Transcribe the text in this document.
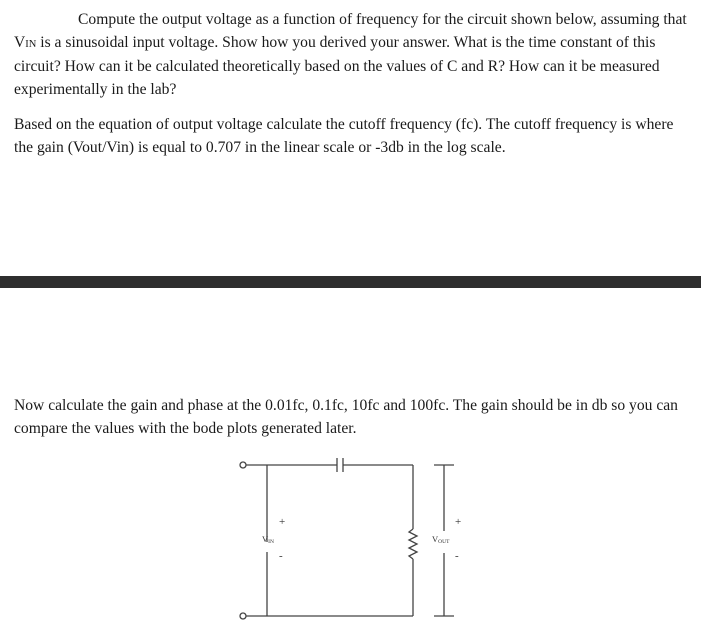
Compute the output voltage as a function of frequency for the circuit shown below, assuming that VIN is a sinusoidal input voltage. Show how you derived your answer. What is the time constant of this circuit? How can it be calculated theoretically based on the values of C and R? How can it be measured experimentally in the lab?

Based on the equation of output voltage calculate the cutoff frequency (fc). The cutoff frequency is where the gain (Vout/Vin) is equal to 0.707 in the linear scale or -3db in the log scale.

Now calculate the gain and phase at the 0.01fc, 0.1fc, 10fc and 100fc. The gain should be in db so you can compare the values with the bode plots generated later.

+
VIN
-
+
VOUT
-
